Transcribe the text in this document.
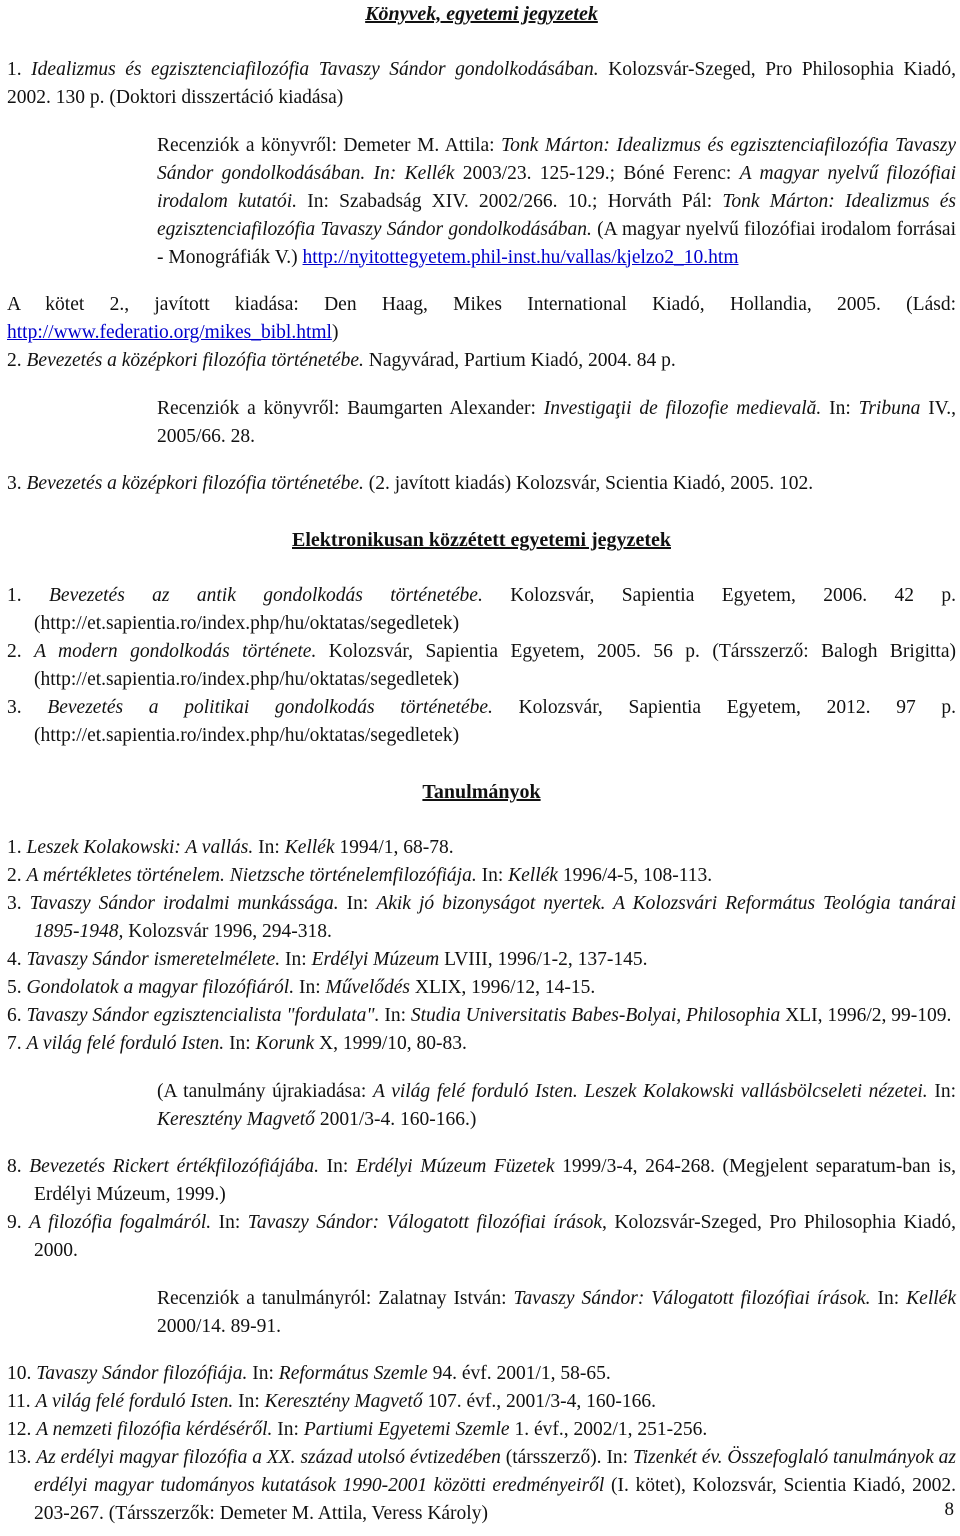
Könyvek, egyetemi jegyzetek

1. Idealizmus és egzisztenciafilozófia Tavaszy Sándor gondolkodásában. Kolozsvár-Szeged, Pro Philosophia Kiadó, 2002. 130 p. (Doktori disszertáció kiadása)

Recenziók a könyvről: Demeter M. Attila: Tonk Márton: Idealizmus és egzisztenciafilozófia Tavaszy Sándor gondolkodásában. In: Kellék 2003/23. 125-129.; Bóné Ferenc: A magyar nyelvű filozófiai irodalom kutatói. In: Szabadság XIV. 2002/266. 10.; Horváth Pál: Tonk Márton: Idealizmus és egzisztenciafilozófia Tavaszy Sándor gondolkodásában. (A magyar nyelvű filozófiai irodalom forrásai - Monográfiák V.) http://nyitottegyetem.phil-inst.hu/vallas/kjelzo2_10.htm

A kötet 2., javított kiadása: Den Haag, Mikes International Kiadó, Hollandia, 2005. (Lásd: http://www.federatio.org/mikes_bibl.html)

2. Bevezetés a középkori filozófia történetébe. Nagyvárad, Partium Kiadó, 2004. 84 p.

Recenziók a könyvről: Baumgarten Alexander: Investigaţii de filozofie medievală. In: Tribuna IV., 2005/66. 28.

3. Bevezetés a középkori filozófia történetébe. (2. javított kiadás) Kolozsvár, Scientia Kiadó, 2005. 102.

Elektronikusan közzétett egyetemi jegyzetek

1. Bevezetés az antik gondolkodás történetébe. Kolozsvár, Sapientia Egyetem, 2006. 42 p. (http://et.sapientia.ro/index.php/hu/oktatas/segedletek)

2. A modern gondolkodás története. Kolozsvár, Sapientia Egyetem, 2005. 56 p. (Társszerző: Balogh Brigitta) (http://et.sapientia.ro/index.php/hu/oktatas/segedletek)

3. Bevezetés a politikai gondolkodás történetébe. Kolozsvár, Sapientia Egyetem, 2012. 97 p. (http://et.sapientia.ro/index.php/hu/oktatas/segedletek)

Tanulmányok

1. Leszek Kolakowski: A vallás. In: Kellék 1994/1, 68-78.

2. A mértékletes történelem. Nietzsche történelemfilozófiája. In: Kellék 1996/4-5, 108-113.

3. Tavaszy Sándor irodalmi munkássága. In: Akik jó bizonyságot nyertek. A Kolozsvári Református Teológia tanárai 1895-1948, Kolozsvár 1996, 294-318.

4. Tavaszy Sándor ismeretelmélete. In: Erdélyi Múzeum LVIII, 1996/1-2, 137-145.

5. Gondolatok a magyar filozófiáról. In: Művelődés XLIX, 1996/12, 14-15.

6. Tavaszy Sándor egzisztencialista "fordulata". In: Studia Universitatis Babes-Bolyai, Philosophia XLI, 1996/2, 99-109.

7. A világ felé forduló Isten. In: Korunk X, 1999/10, 80-83.

(A tanulmány újrakiadása: A világ felé forduló Isten. Leszek Kolakowski vallásbölcseleti nézetei. In: Keresztény Magvető 2001/3-4. 160-166.)

8. Bevezetés Rickert értékfilozófiájába. In: Erdélyi Múzeum Füzetek 1999/3-4, 264-268. (Megjelent separatum-ban is, Erdélyi Múzeum, 1999.)

9. A filozófia fogalmáról. In: Tavaszy Sándor: Válogatott filozófiai írások, Kolozsvár-Szeged, Pro Philosophia Kiadó, 2000.

Recenziók a tanulmányról: Zalatnay István: Tavaszy Sándor: Válogatott filozófiai írások. In: Kellék 2000/14. 89-91.

10. Tavaszy Sándor filozófiája. In: Református Szemle 94. évf. 2001/1, 58-65.

11. A világ felé forduló Isten. In: Keresztény Magvető 107. évf., 2001/3-4, 160-166.

12. A nemzeti filozófia kérdéséről. In: Partiumi Egyetemi Szemle 1. évf., 2002/1, 251-256.

13. Az erdélyi magyar filozófia a XX. század utolsó évtizedében (társszerző). In: Tizenkét év. Összefoglaló tanulmányok az erdélyi magyar tudományos kutatások 1990-2001 közötti eredményeiről (I. kötet), Kolozsvár, Scientia Kiadó, 2002. 203-267. (Társszerzők: Demeter M. Attila, Veress Károly)	8
